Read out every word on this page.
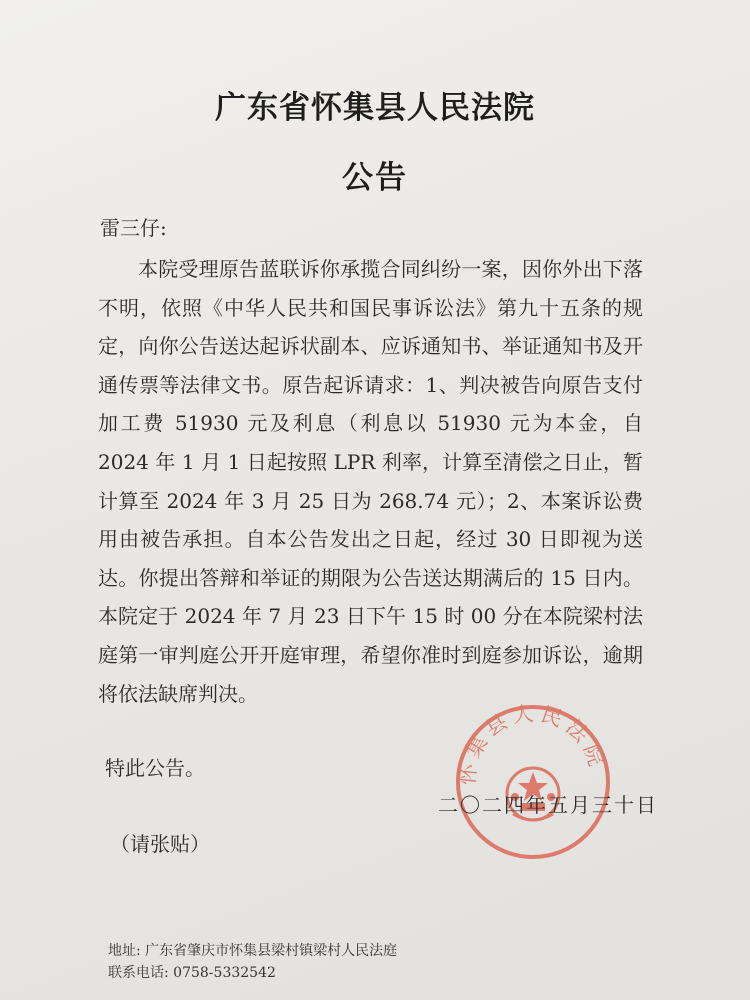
广东省怀集县人民法院
公告
雷三仔:

本院受理原告蓝联诉你承揽合同纠纷一案，因你外出下落不明，依照《中华人民共和国民事诉讼法》第九十五条的规定，向你公告送达起诉状副本、应诉通知书、举证通知书及开通传票等法律文书。原告起诉请求：1、判决被告向原告支付加工费 51930 元及利息（利息以 51930 元为本金，自 2024 年 1 月 1 日起按照 LPR 利率，计算至清偿之日止，暂计算至 2024 年 3 月 25 日为 268.74 元）；2、本案诉讼费用由被告承担。自本公告发出之日起，经过 30 日即视为送达。你提出答辩和举证的期限为公告送达期满后的 15 日内。本院定于 2024 年 7 月 23 日下午 15 时 00 分在本院梁村法庭第一审判庭公开开庭审理，希望你准时到庭参加诉讼，逾期将依法缺席判决。

特此公告。	怀集县人民法院
二〇二四年五月三十日
（请张贴）
地址: 广东省肇庆市怀集县梁村镇梁村人民法庭
联系电话: 0758-5332542
